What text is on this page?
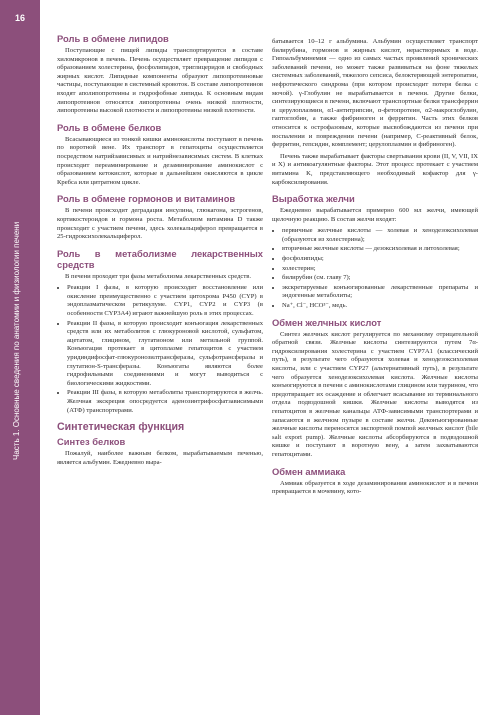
16
Часть 1. Основные сведения по анатомии и физиологии печени
Роль в обмене липидов
Поступающие с пищей липиды транспортируются в составе хиломикронов в печень. Печень осуществляет превращение липидов с образованием холестерина, фосфолипидов, триглицеридов и свободных жирных кислот. Липидные компоненты образуют липопротеиновые частицы, поступающие в системный кровоток. В составе липопротеинов входят аполипопротеины и гидрофобные липиды. К основным видам липопротеинов относятся липопротеины очень низкой плотности, липопротеины высокой плотности и липопротеины низкой плотности.
Роль в обмене белков
Всасывающиеся из тонкой кишки аминокислоты поступают в печень по воротной вене. Их транспорт в гепатоциты осуществляется посредством натрийзависимых и натрийнезависимых систем. В клетках происходит переаминирование и дезаминирование аминокислот с образованием кетокислот, которые в дальнейшем окисляются в цикле Кребса или цитратном цикле.
Роль в обмене гормонов и витаминов
В печени происходит деградация инсулина, глюкагона, эстрогенов, кортикостероидов и гормона роста. Метаболизм витамина D также происходит с участием печени, здесь холекальциферол превращается в 25-гидроксихолекальциферол.
Роль в метаболизме лекарственных средств
В печени проходят три фазы метаболизма лекарственных средств.
• Реакции I фазы, в которую происходит восстановление или окисление преимущественно с участием цитохрома P450 (CYP) в эндоплазматическом ретикулуме. CYP1, CYP2 и CYP3 (в особенности CYP3A4) играют важнейшую роль в этих процессах.
• Реакции II фазы, в которую происходит конъюгация лекарственных средств или их метаболитов с глюкуроновой кислотой, сульфатом, ацетатом, глицином, глутатионом или метильной группой. Конъюгация протекает в цитоплазме гепатоцитов с участием уридиндифосфат-глюкуронозилтрансферазы, сульфотрансферазы и глутатион-S-трансферазы. Конъюгаты являются более гидрофильными соединениями и могут выводиться с биологическими жидкостями.
• Реакции III фазы, в которую метаболиты транспортируются в желчь. Желчная экскреция опосредуется аденозинтрифосфатзависимыми (АТФ) транспортерами.
Синтетическая функция
Синтез белков
Пожалуй, наиболее важным белком, вырабатываемым печенью, является альбумин. Ежедневно выра-
батывается 10–12 г альбумина. Альбумин осуществляет транспорт билирубина, гормонов и жирных кислот, нерастворимых в воде. Гипоальбуминемия — одно из самых частых проявлений хронических заболеваний печени, но может также развиваться на фоне тяжелых системных заболеваний, тяжелого сепсиса, белоктеряющей энтеропатии, нефротического синдрома (при котором происходит потеря белка с мочой). γ-Глобулин не вырабатывается в печени. Другие белки, синтезирующиеся в печени, включают транспортные белки трансферрин и церулоплазмин, α1-антитрипсин, α-фетопротеин, α2-макроглобулин, гаптоглобин, а также фибриноген и ферритин. Часть этих белков относится к острофазовым, которые высвобождаются из печени при воспалении и повреждении печени (например, С-реактивный белок, ферритин, гепсидин, комплемент; церулоплазмин и фибриноген).
Печень также вырабатывает факторы свертывания крови (II, V, VII, IX и X) и антикоагулянтные факторы. Этот процесс протекает с участием витамина K, представляющего необходимый кофактор для γ-карбоксилирования.
Выработка желчи
Ежедневно вырабатывается примерно 600 мл желчи, имеющей щелочную реакцию. В состав желчи входят:
• первичные желчные кислоты — холевая и хенодезоксихолевая (образуются из холестерина);
• вторичные желчные кислоты — дезоксихолевая и литохолевая;
• фосфолипиды;
• холестерин;
• билирубин (см. главу 7);
• экскретируемые конъюгированные лекарственные препараты и эндогенные метаболиты;
• Na⁺, Cl⁻, HCO³⁻, медь.
Обмен желчных кислот
Синтез желчных кислот регулируется по механизму отрицательной обратной связи. Желчные кислоты синтезируются путем 7α-гидроксилирования холестерина с участием CYP7A1 (классический путь), в результате чего образуются холевая и хенодезоксихолевая кислоты, или с участием CYP27 (альтернативный путь), в результате чего образуется хенодезоксихолевая кислота. Желчные кислоты конъюгируются в печени с аминокислотами глицином или таурином, что предотвращает их осаждение и облегчает всасывание из терминального отдела подвздошной кишки. Желчные кислоты выводятся из гепатоцитов в желчные канальцы АТФ-зависимыми транспортерами и запасаются в желчном пузыре в составе желчи. Деконъюгированные желчные кислоты переносятся экспортной помпой желчных кислот (bile salt export pump). Желчные кислоты абсорбируются в подвздошной кишке и поступают в воротную вену, а затем захватываются гепатоцитами.
Обмен аммиака
Аммиак образуется в ходе дезаминирования аминокислот и в печени превращается в мочевину, кото-
